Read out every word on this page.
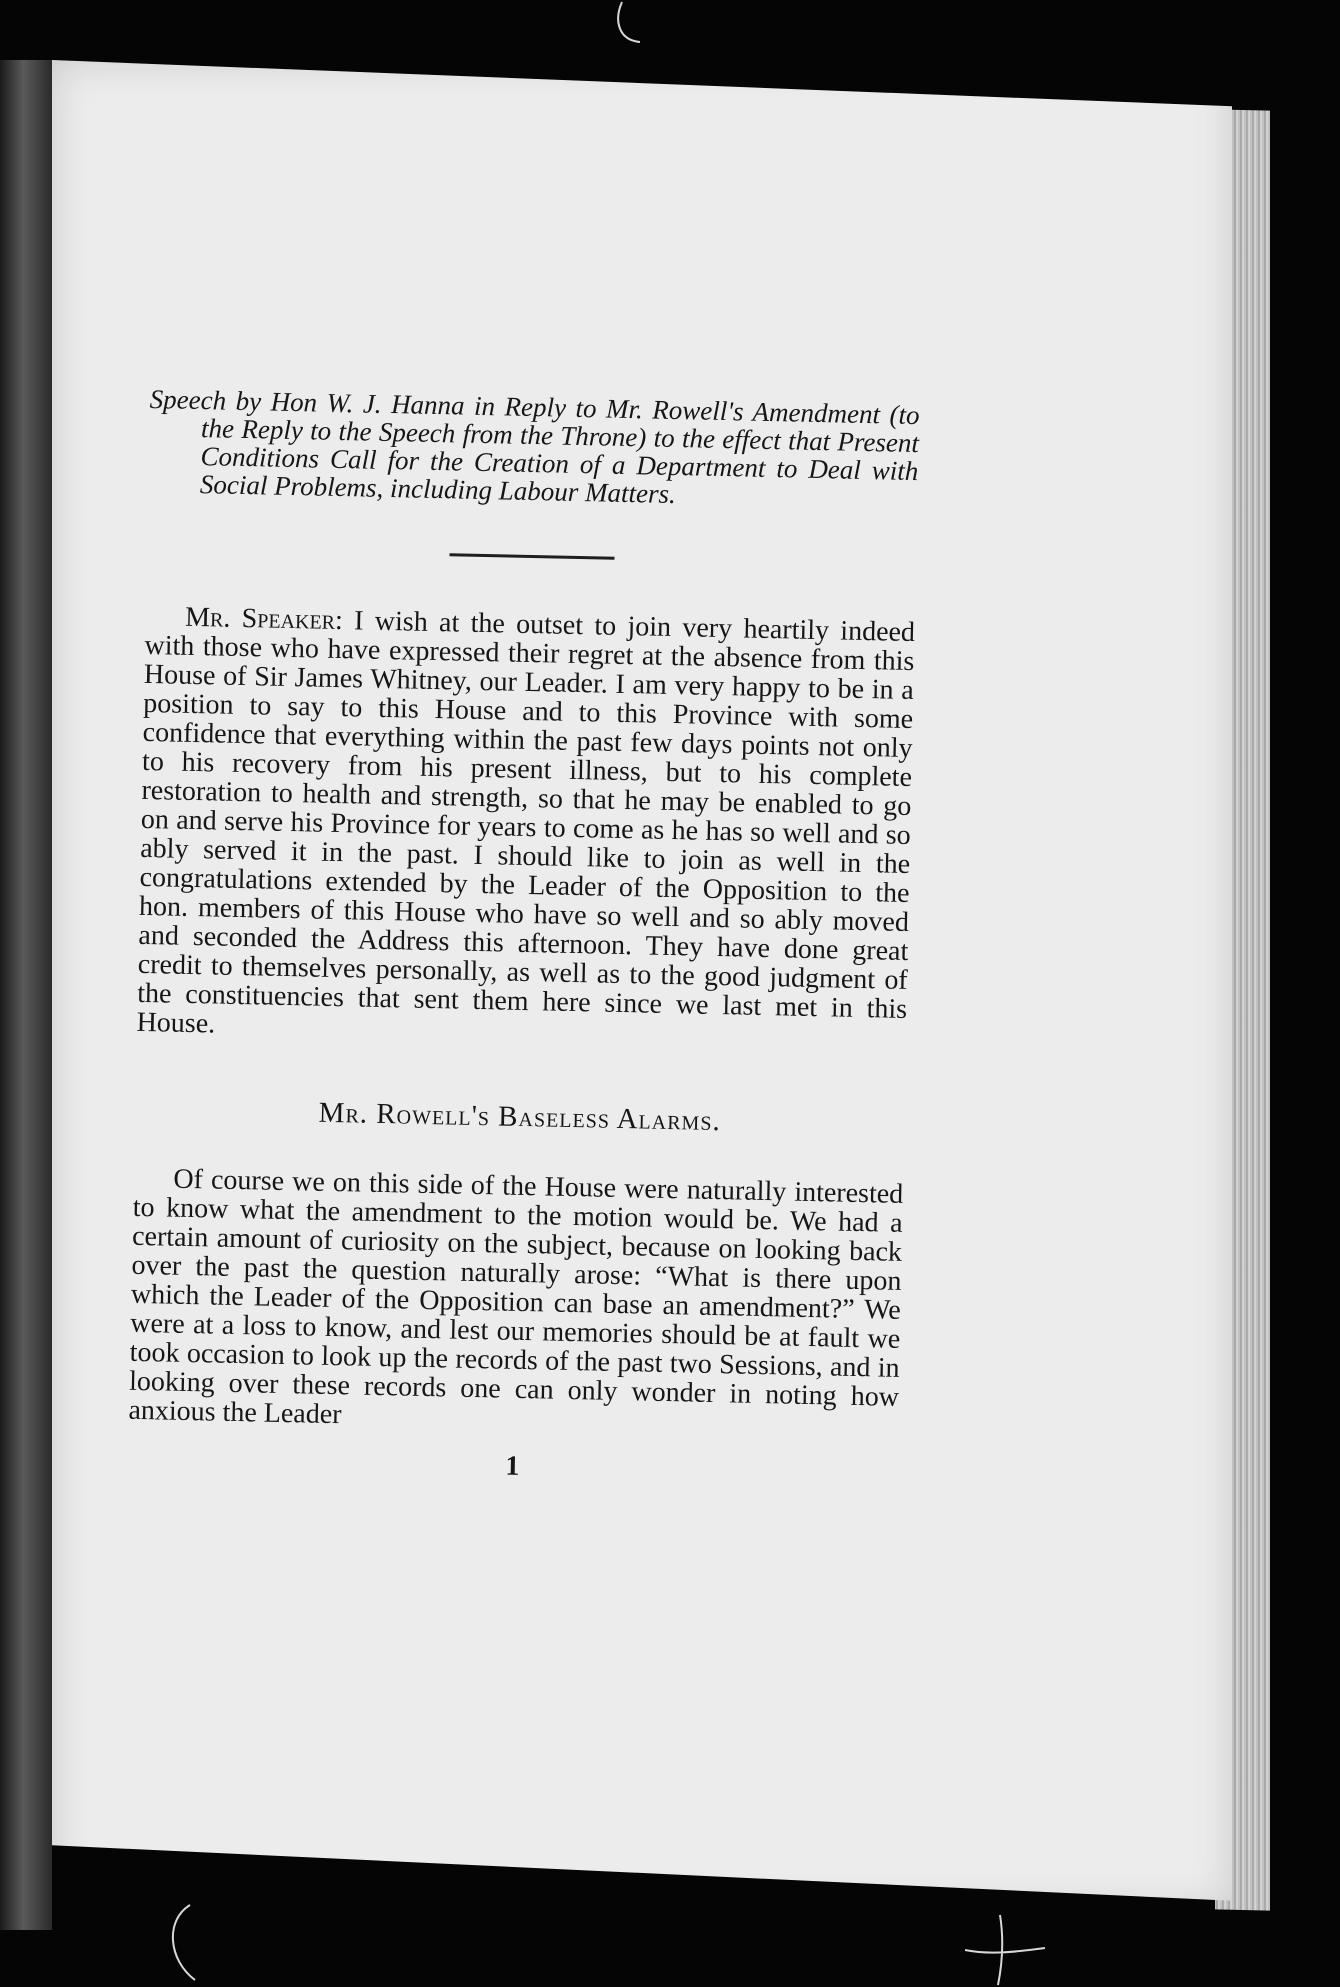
Speech by Hon W. J. Hanna in Reply to Mr. Rowell's Amendment (to the Reply to the Speech from the Throne) to the effect that Present Conditions Call for the Creation of a Department to Deal with Social Problems, including Labour Matters.

Mr. Speaker: I wish at the outset to join very heartily indeed with those who have expressed their regret at the absence from this House of Sir James Whitney, our Leader. I am very happy to be in a position to say to this House and to this Province with some confidence that everything within the past few days points not only to his recovery from his present illness, but to his complete restoration to health and strength, so that he may be enabled to go on and serve his Province for years to come as he has so well and so ably served it in the past. I should like to join as well in the congratulations extended by the Leader of the Opposition to the hon. members of this House who have so well and so ably moved and seconded the Address this afternoon. They have done great credit to themselves personally, as well as to the good judgment of the constituencies that sent them here since we last met in this House.

Mr. Rowell's Baseless Alarms.

Of course we on this side of the House were naturally interested to know what the amendment to the motion would be. We had a certain amount of curiosity on the subject, because on looking back over the past the question naturally arose: “What is there upon which the Leader of the Opposition can base an amendment?” We were at a loss to know, and lest our memories should be at fault we took occasion to look up the records of the past two Sessions, and in looking over these records one can only wonder in noting how anxious the Leader

1
